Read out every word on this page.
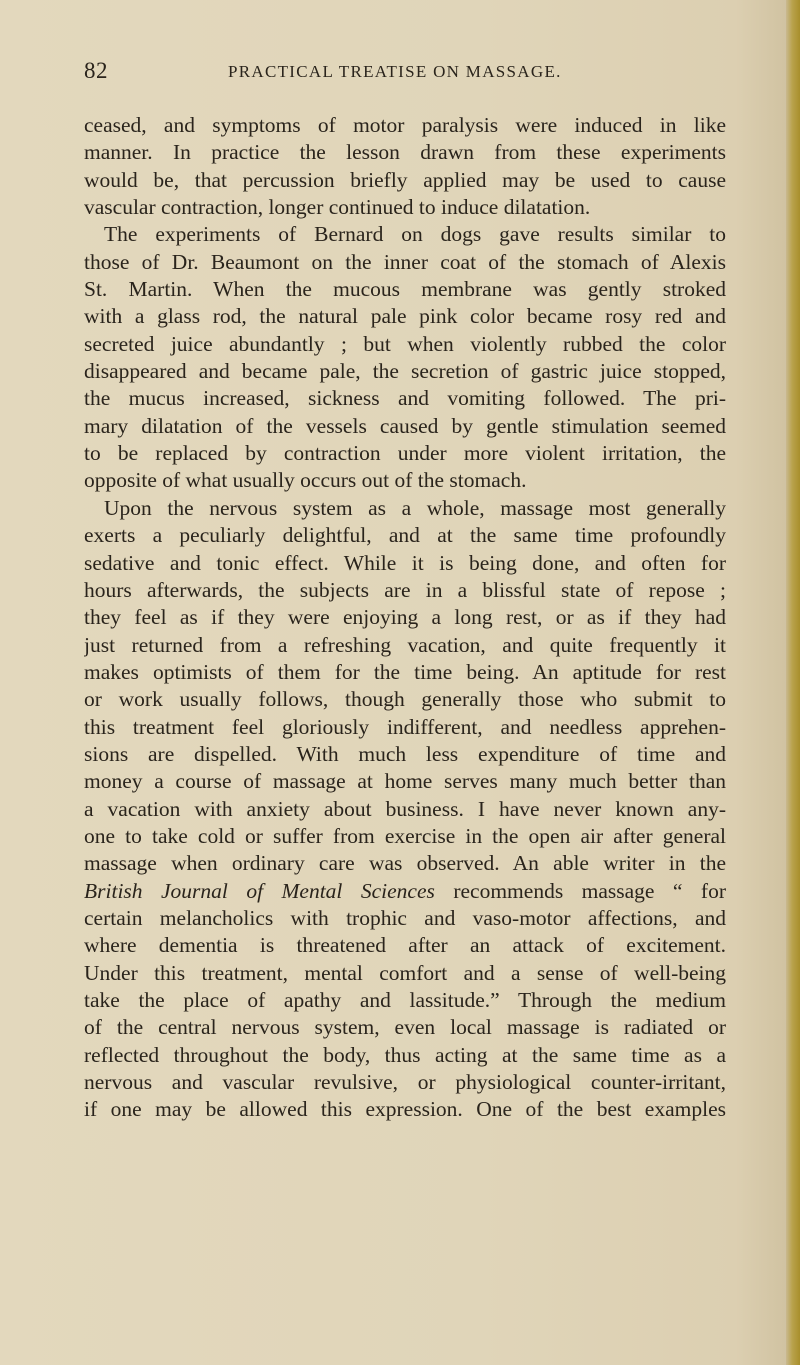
82	PRACTICAL TREATISE ON MASSAGE.
ceased, and symptoms of motor paralysis were induced in like
manner. In practice the lesson drawn from these experiments
would be, that percussion briefly applied may be used to cause
vascular contraction, longer continued to induce dilatation.
The experiments of Bernard on dogs gave results similar to
those of Dr. Beaumont on the inner coat of the stomach of Alexis
St. Martin. When the mucous membrane was gently stroked
with a glass rod, the natural pale pink color became rosy red and
secreted juice abundantly ; but when violently rubbed the color
disappeared and became pale, the secretion of gastric juice stopped,
the mucus increased, sickness and vomiting followed. The pri-
mary dilatation of the vessels caused by gentle stimulation seemed
to be replaced by contraction under more violent irritation, the
opposite of what usually occurs out of the stomach.
Upon the nervous system as a whole, massage most generally
exerts a peculiarly delightful, and at the same time profoundly
sedative and tonic effect. While it is being done, and often for
hours afterwards, the subjects are in a blissful state of repose ;
they feel as if they were enjoying a long rest, or as if they had
just returned from a refreshing vacation, and quite frequently it
makes optimists of them for the time being. An aptitude for rest
or work usually follows, though generally those who submit to
this treatment feel gloriously indifferent, and needless apprehen-
sions are dispelled. With much less expenditure of time and
money a course of massage at home serves many much better than
a vacation with anxiety about business. I have never known any-
one to take cold or suffer from exercise in the open air after general
massage when ordinary care was observed. An able writer in the
British Journal of Mental Sciences recommends massage “ for
certain melancholics with trophic and vaso-motor affections, and
where dementia is threatened after an attack of excitement.
Under this treatment, mental comfort and a sense of well-being
take the place of apathy and lassitude.” Through the medium
of the central nervous system, even local massage is radiated or
reflected throughout the body, thus acting at the same time as a
nervous and vascular revulsive, or physiological counter-irritant,
if one may be allowed this expression. One of the best examples
